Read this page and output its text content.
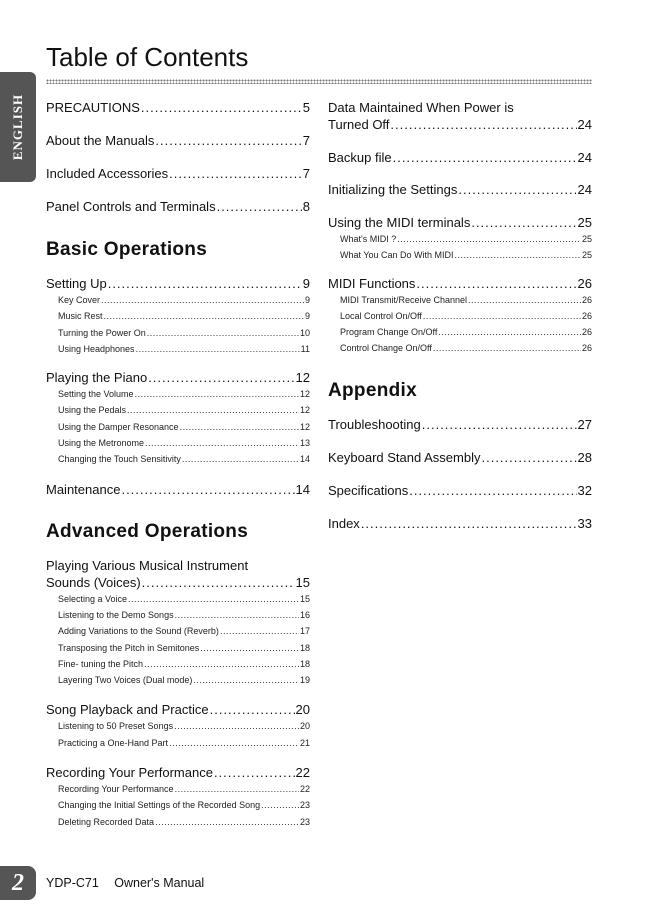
ENGLISH
Table of Contents
PRECAUTIONS .....	5
About the Manuals .....	7
Included Accessories .....	7
Panel Controls and Terminals .....	8
Basic Operations
Setting Up .....	9
Key Cover .....	9
Music Rest .....	9
Turning the Power On .....	10
Using Headphones .....	11
Playing the Piano .....	12
Setting the Volume .....	12
Using the Pedals .....	12
Using the Damper Resonance .....	12
Using the Metronome .....	13
Changing the Touch Sensitivity .....	14
Maintenance .....	14
Advanced Operations
Playing Various Musical Instrument
Sounds (Voices) .....	15
Selecting a Voice .....	15
Listening to the Demo Songs .....	16
Adding Variations to the Sound (Reverb) .....	17
Transposing the Pitch in Semitones .....	18
Fine- tuning the Pitch .....	18
Layering Two Voices (Dual mode) .....	19
Song Playback and Practice .....	20
Listening to 50 Preset Songs .....	20
Practicing a One-Hand Part .....	21
Recording Your Performance .....	22
Recording Your Performance .....	22
Changing the Initial Settings of the Recorded Song .....	23
Deleting Recorded Data .....	23
Data Maintained When Power is
Turned Off .....	24
Backup file .....	24
Initializing the Settings .....	24
Using the MIDI terminals .....	25
What's MIDI ? .....	25
What You Can Do With MIDI .....	25
MIDI Functions .....	26
MIDI Transmit/Receive Channel .....	26
Local Control On/Off .....	26
Program Change On/Off .....	26
Control Change On/Off .....	26
Appendix
Troubleshooting .....	27
Keyboard Stand Assembly .....	28
Specifications .....	32
Index .....	33
2	YDP-C71 Owner's Manual
